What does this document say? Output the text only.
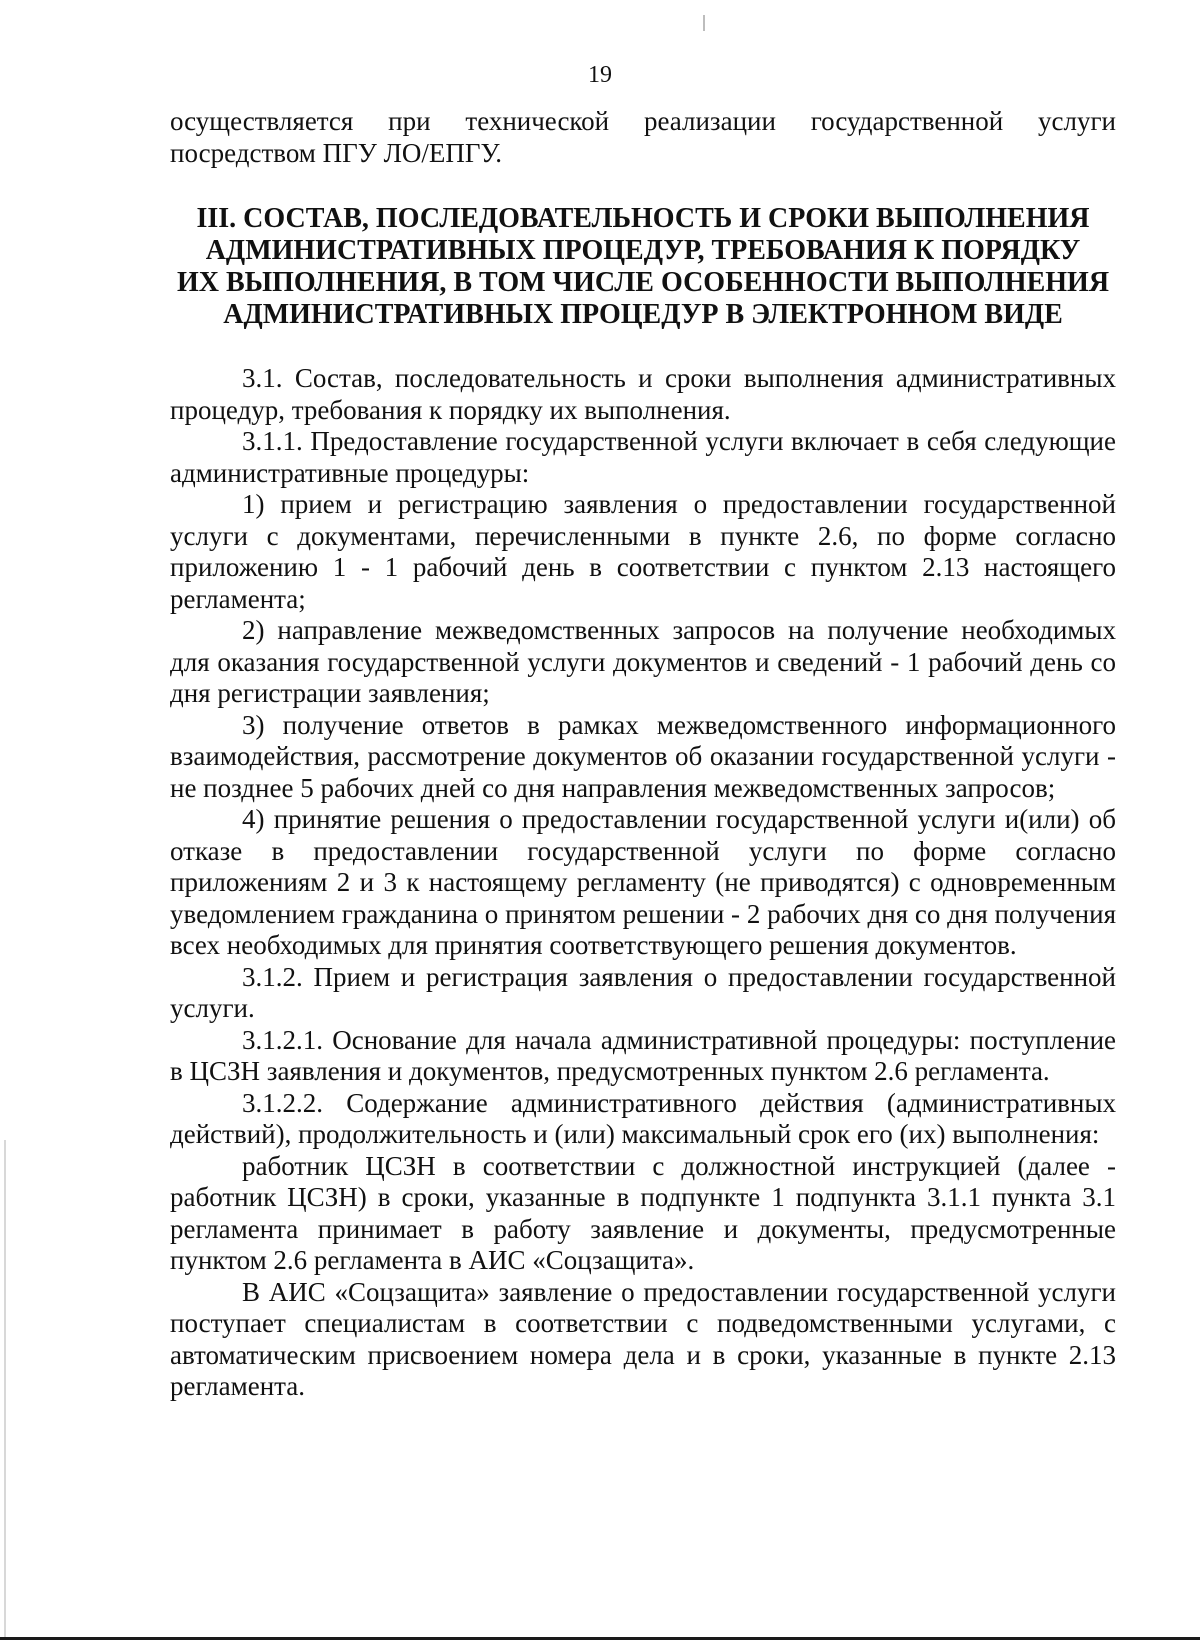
19

осуществляется при технической реализации государственной услуги посредством ПГУ ЛО/ЕПГУ.

III. СОСТАВ, ПОСЛЕДОВАТЕЛЬНОСТЬ И СРОКИ ВЫПОЛНЕНИЯ
АДМИНИСТРАТИВНЫХ ПРОЦЕДУР, ТРЕБОВАНИЯ К ПОРЯДКУ
ИХ ВЫПОЛНЕНИЯ, В ТОМ ЧИСЛЕ ОСОБЕННОСТИ ВЫПОЛНЕНИЯ
АДМИНИСТРАТИВНЫХ ПРОЦЕДУР В ЭЛЕКТРОННОМ ВИДЕ

3.1. Состав, последовательность и сроки выполнения административных процедур, требования к порядку их выполнения.

3.1.1. Предоставление государственной услуги включает в себя следующие административные процедуры:

1) прием и регистрацию заявления о предоставлении государственной услуги с документами, перечисленными в пункте 2.6, по форме согласно приложению 1 - 1 рабочий день в соответствии с пунктом 2.13 настоящего регламента;

2) направление межведомственных запросов на получение необходимых для оказания государственной услуги документов и сведений - 1 рабочий день со дня регистрации заявления;

3) получение ответов в рамках межведомственного информационного взаимодействия, рассмотрение документов об оказании государственной услуги - не позднее 5 рабочих дней со дня направления межведомственных запросов;

4) принятие решения о предоставлении государственной услуги и(или) об отказе в предоставлении государственной услуги по форме согласно приложениям 2 и 3 к настоящему регламенту (не приводятся) с одновременным уведомлением гражданина о принятом решении - 2 рабочих дня со дня получения всех необходимых для принятия соответствующего решения документов.

3.1.2. Прием и регистрация заявления о предоставлении государственной услуги.

3.1.2.1. Основание для начала административной процедуры: поступление в ЦСЗН заявления и документов, предусмотренных пунктом 2.6 регламента.

3.1.2.2. Содержание административного действия (административных действий), продолжительность и (или) максимальный срок его (их) выполнения:

работник ЦСЗН в соответствии с должностной инструкцией (далее - работник ЦСЗН) в сроки, указанные в подпункте 1 подпункта 3.1.1 пункта 3.1 регламента принимает в работу заявление и документы, предусмотренные пунктом 2.6 регламента в АИС «Соцзащита».

В АИС «Соцзащита» заявление о предоставлении государственной услуги поступает специалистам в соответствии с подведомственными услугами, с автоматическим присвоением номера дела и в сроки, указанные в пункте 2.13 регламента.
